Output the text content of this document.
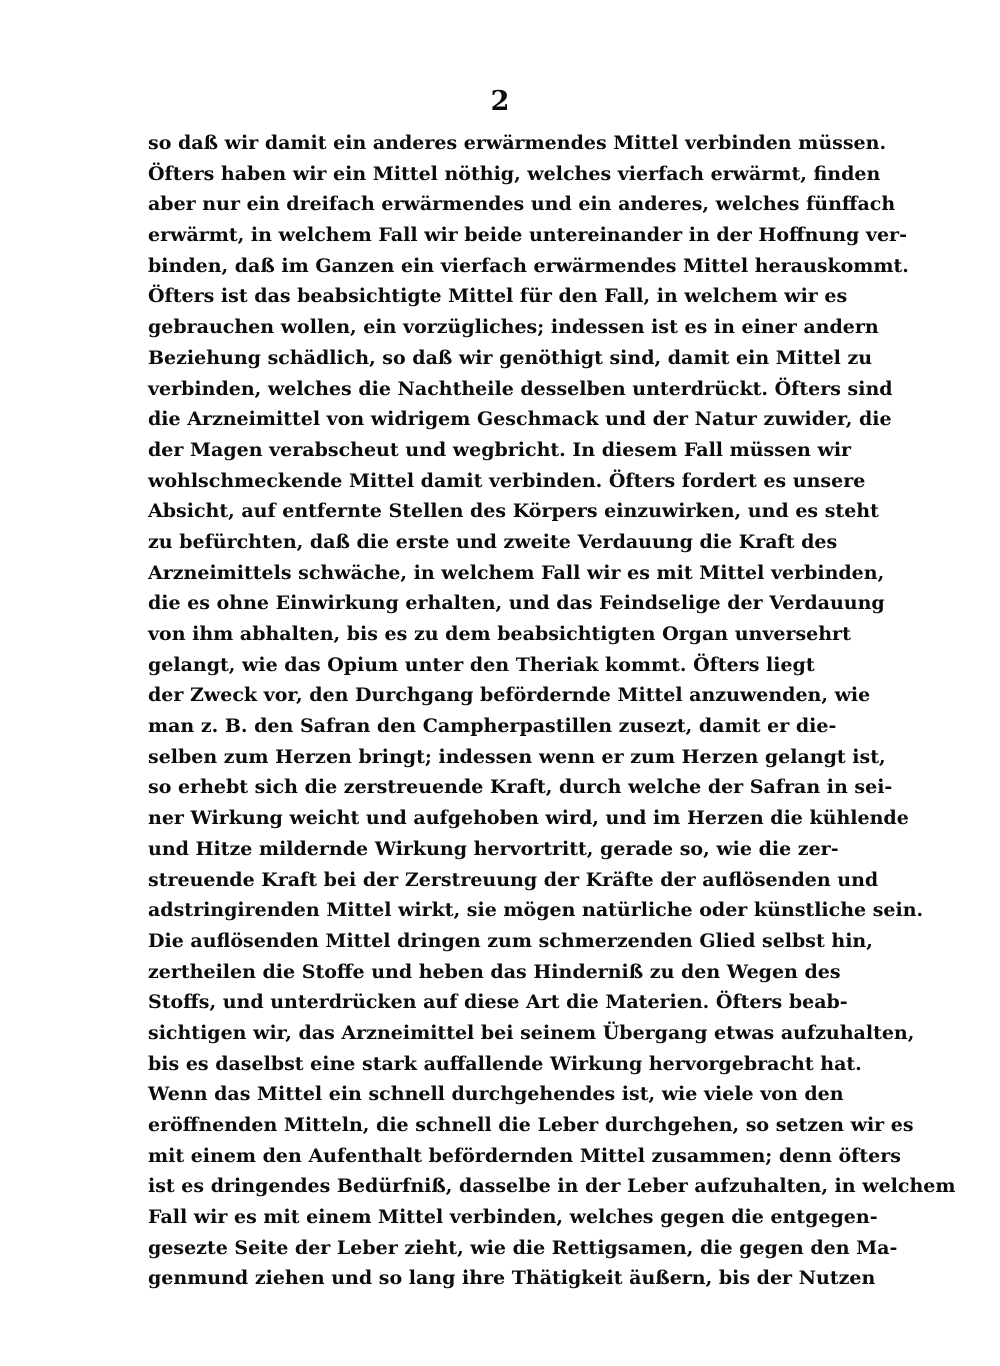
2
so daß wir damit ein anderes erwärmendes Mittel verbinden müssen.
Öfters haben wir ein Mittel nöthig, welches vierfach erwärmt, finden
aber nur ein dreifach erwärmendes und ein anderes, welches fünffach
erwärmt, in welchem Fall wir beide untereinander in der Hoffnung ver-
binden, daß im Ganzen ein vierfach erwärmendes Mittel herauskommt.
Öfters ist das beabsichtigte Mittel für den Fall, in welchem wir es
gebrauchen wollen, ein vorzügliches; indessen ist es in einer andern
Beziehung schädlich, so daß wir genöthigt sind, damit ein Mittel zu
verbinden, welches die Nachtheile desselben unterdrückt. Öfters sind
die Arzneimittel von widrigem Geschmack und der Natur zuwider, die
der Magen verabscheut und wegbricht. In diesem Fall müssen wir
wohlschmeckende Mittel damit verbinden. Öfters fordert es unsere
Absicht, auf entfernte Stellen des Körpers einzuwirken, und es steht
zu befürchten, daß die erste und zweite Verdauung die Kraft des
Arzneimittels schwäche, in welchem Fall wir es mit Mittel verbinden,
die es ohne Einwirkung erhalten, und das Feindselige der Verdauung
von ihm abhalten, bis es zu dem beabsichtigten Organ unversehrt
gelangt, wie das Opium unter den Theriak kommt. Öfters liegt
der Zweck vor, den Durchgang befördernde Mittel anzuwenden, wie
man z. B. den Safran den Campherpastillen zusezt, damit er die-
selben zum Herzen bringt; indessen wenn er zum Herzen gelangt ist,
so erhebt sich die zerstreuende Kraft, durch welche der Safran in sei-
ner Wirkung weicht und aufgehoben wird, und im Herzen die kühlende
und Hitze mildernde Wirkung hervortritt, gerade so, wie die zer-
streuende Kraft bei der Zerstreuung der Kräfte der auflösenden und
adstringirenden Mittel wirkt, sie mögen natürliche oder künstliche sein.
Die auflösenden Mittel dringen zum schmerzenden Glied selbst hin,
zertheilen die Stoffe und heben das Hinderniß zu den Wegen des
Stoffs, und unterdrücken auf diese Art die Materien. Öfters beab-
sichtigen wir, das Arzneimittel bei seinem Übergang etwas aufzuhalten,
bis es daselbst eine stark auffallende Wirkung hervorgebracht hat.
Wenn das Mittel ein schnell durchgehendes ist, wie viele von den
eröffnenden Mitteln, die schnell die Leber durchgehen, so setzen wir es
mit einem den Aufenthalt befördernden Mittel zusammen; denn öfters
ist es dringendes Bedürfniß, dasselbe in der Leber aufzuhalten, in welchem
Fall wir es mit einem Mittel verbinden, welches gegen die entgegen-
gesezte Seite der Leber zieht, wie die Rettigsamen, die gegen den Ma-
genmund ziehen und so lang ihre Thätigkeit äußern, bis der Nutzen
